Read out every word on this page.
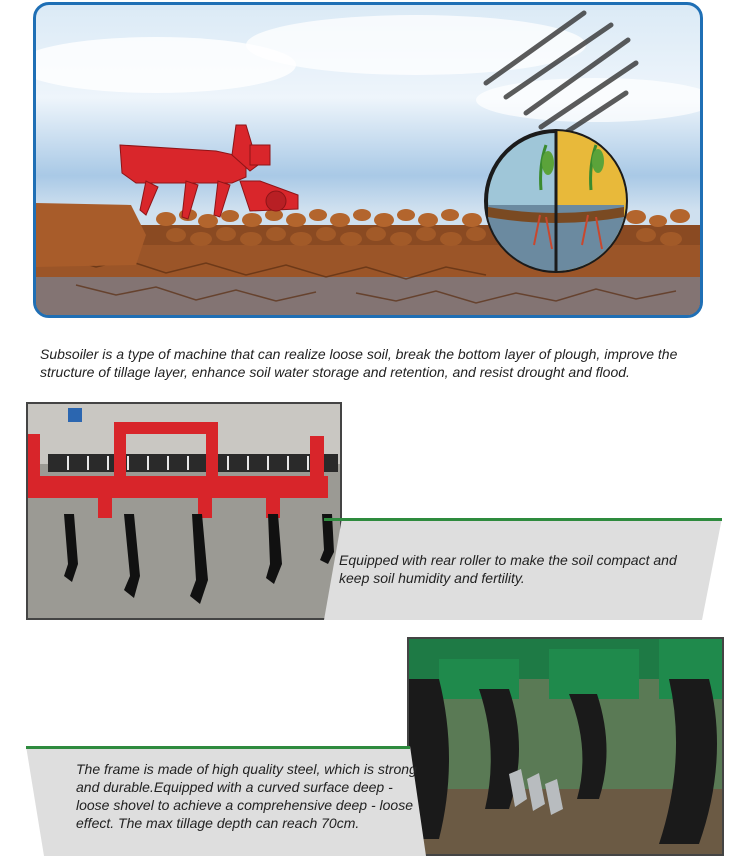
Subsoiler is a type of machine that can realize loose soil, break the bottom layer of plough, improve the structure of tillage layer, enhance soil water storage and retention, and resist drought and flood.

Equipped with rear roller to make the soil compact and keep soil humidity and fertility.

The frame is made of high quality steel, which is strong and durable.Equipped with a curved surface deep - loose shovel to achieve a comprehensive deep - loose effect. The max tillage depth can reach 70cm.
